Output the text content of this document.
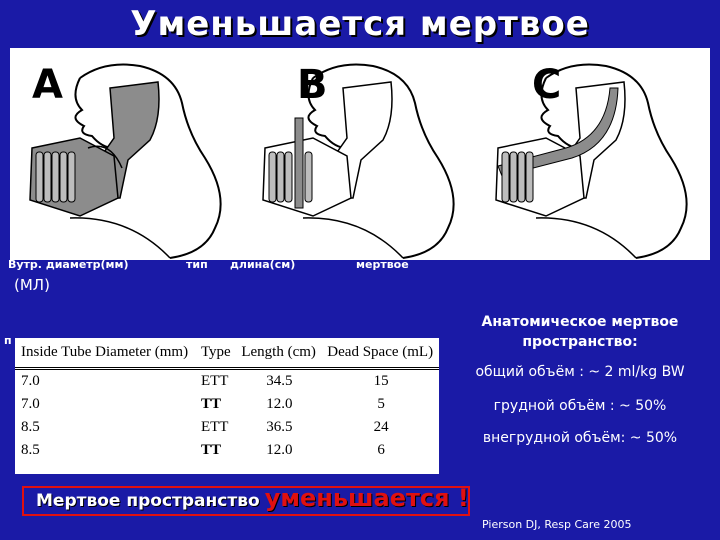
Уменьшается мертвое
A	B	C
Вутр. диаметр(мм)	тип длина(см)	мертвое
(МЛ)
п
Inside Tube Diameter (mm)	Type	Length (cm)	Dead Space (mL)
7.0	ETT	34.5	15
7.0	TT	12.0	5
8.5	ETT	36.5	24
8.5	TT	12.0	6
Анатомическое мертвое
пространство:
общий объём : ~ 2 ml/kg BW
грудной объём : ~ 50%
внегрудной объём: ~ 50%
Мертвое пространство уменьшается !
Pierson DJ, Resp Care 2005
